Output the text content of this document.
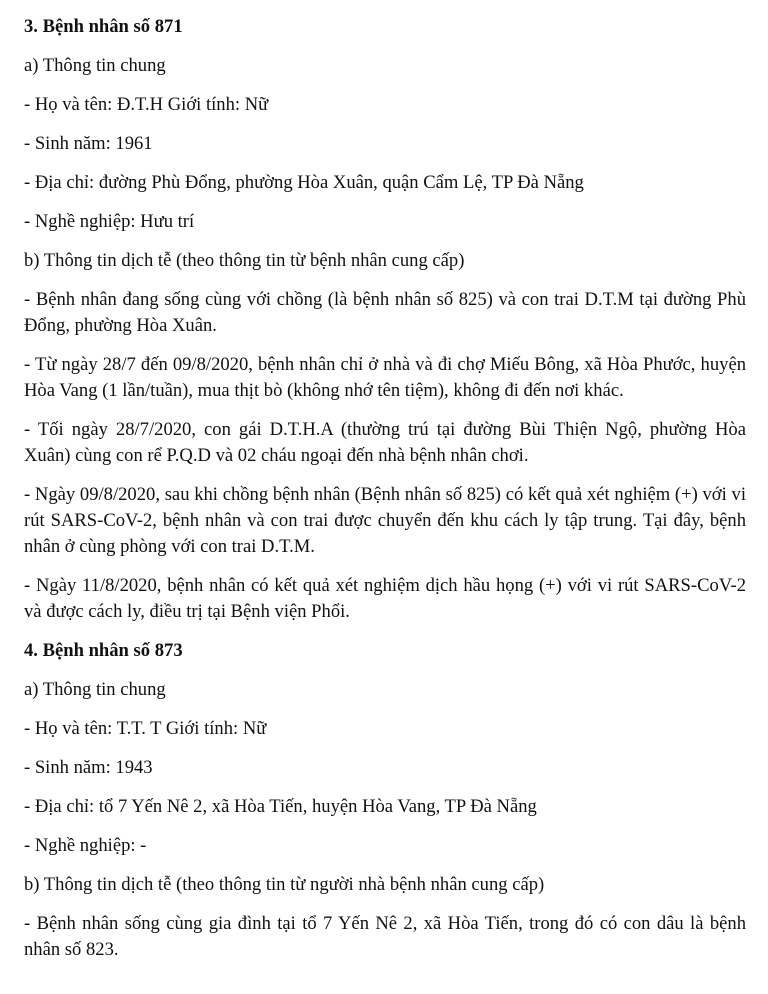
3. Bệnh nhân số 871

a) Thông tin chung

- Họ và tên: Đ.T.H Giới tính: Nữ

- Sinh năm: 1961

- Địa chỉ: đường Phù Đổng, phường Hòa Xuân, quận Cẩm Lệ, TP Đà Nẵng

- Nghề nghiệp: Hưu trí

b) Thông tin dịch tễ (theo thông tin từ bệnh nhân cung cấp)

- Bệnh nhân đang sống cùng với chồng (là bệnh nhân số 825) và con trai D.T.M tại đường Phù Đổng, phường Hòa Xuân.

- Từ ngày 28/7 đến 09/8/2020, bệnh nhân chỉ ở nhà và đi chợ Miếu Bông, xã Hòa Phước, huyện Hòa Vang (1 lần/tuần), mua thịt bò (không nhớ tên tiệm), không đi đến nơi khác.

- Tối ngày 28/7/2020, con gái D.T.H.A (thường trú tại đường Bùi Thiện Ngộ, phường Hòa Xuân) cùng con rể P.Q.D và 02 cháu ngoại đến nhà bệnh nhân chơi.

- Ngày 09/8/2020, sau khi chồng bệnh nhân (Bệnh nhân số 825) có kết quả xét nghiệm (+) với vi rút SARS-CoV-2, bệnh nhân và con trai được chuyển đến khu cách ly tập trung. Tại đây, bệnh nhân ở cùng phòng với con trai D.T.M.

- Ngày 11/8/2020, bệnh nhân có kết quả xét nghiệm dịch hầu họng (+) với vi rút SARS-CoV-2 và được cách ly, điều trị tại Bệnh viện Phổi.

4. Bệnh nhân số 873

a) Thông tin chung

- Họ và tên: T.T. T Giới tính: Nữ

- Sinh năm: 1943

- Địa chỉ: tổ 7 Yến Nê 2, xã Hòa Tiến, huyện Hòa Vang, TP Đà Nẵng

- Nghề nghiệp: -

b) Thông tin dịch tễ (theo thông tin từ người nhà bệnh nhân cung cấp)

- Bệnh nhân sống cùng gia đình tại tổ 7 Yến Nê 2, xã Hòa Tiến, trong đó có con dâu là bệnh nhân số 823.
